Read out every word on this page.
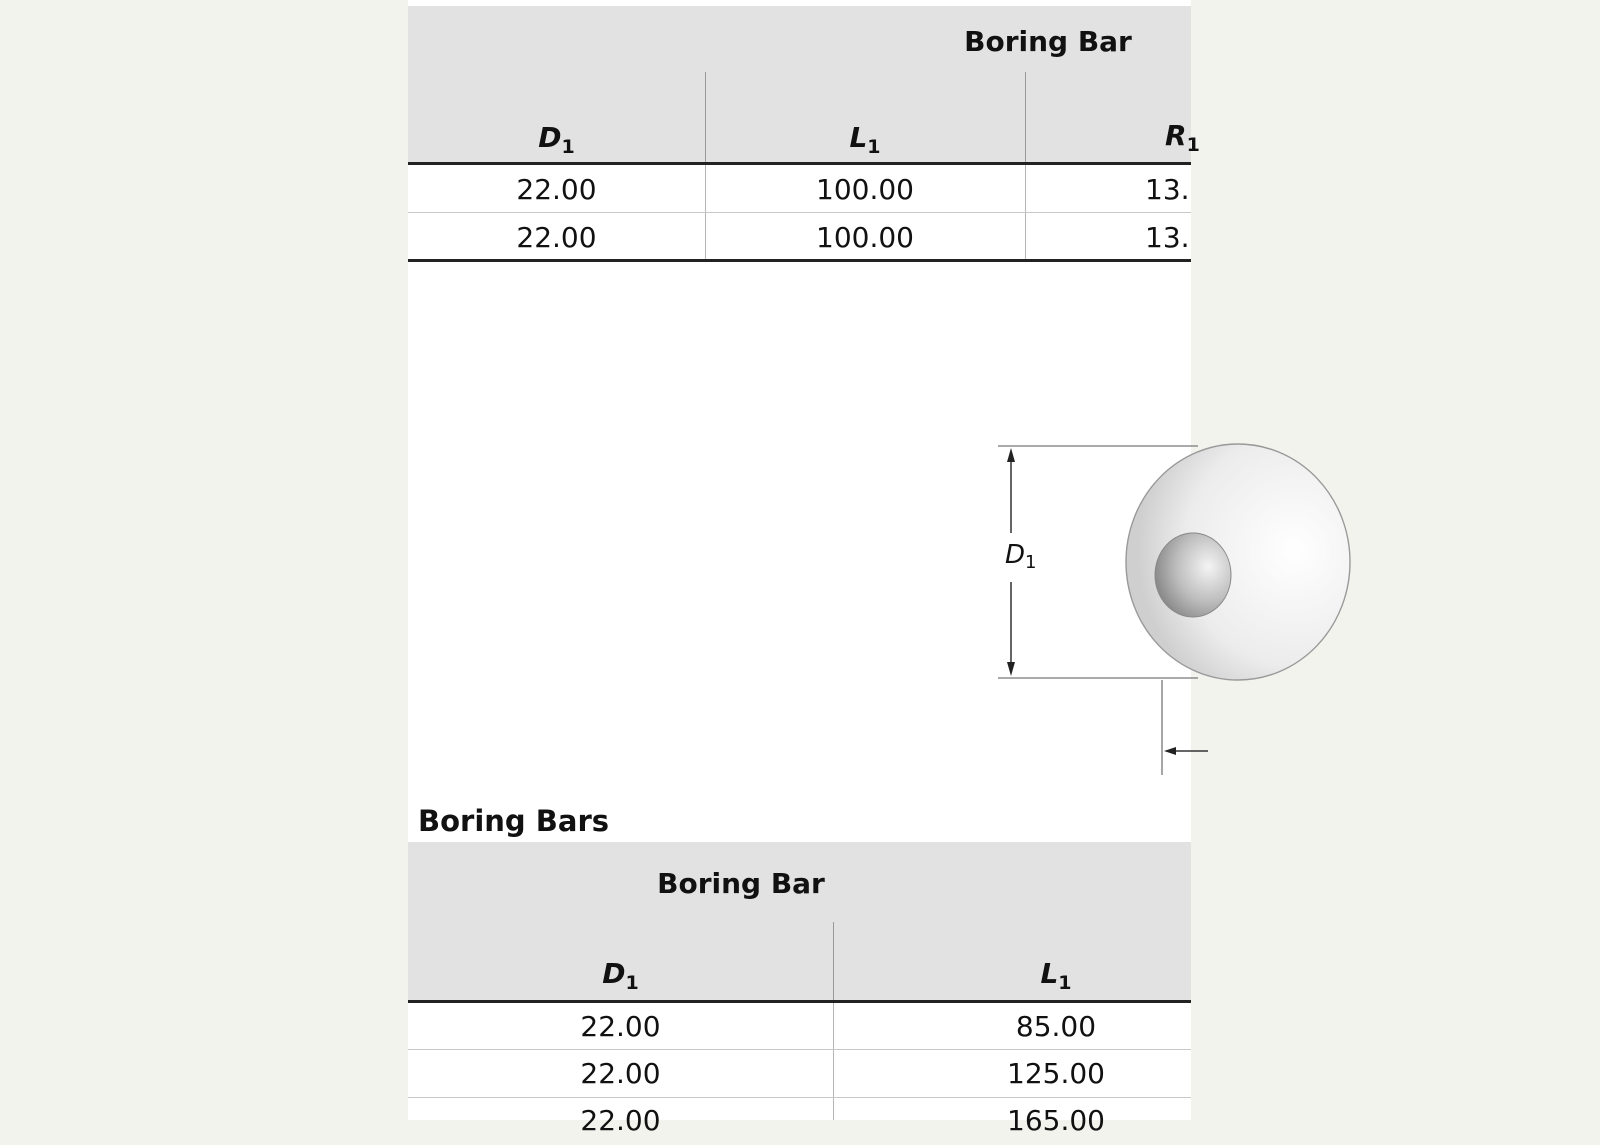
Boring Bar
$D_1$	$L_1$	$R_1$
22.00	100.00	13.
22.00	100.00	13.
Boring Bar
$D_1$	$L_1$
22.00	85.00
22.00	125.00
22.00	165.00
$D_1$
Boring Bars
